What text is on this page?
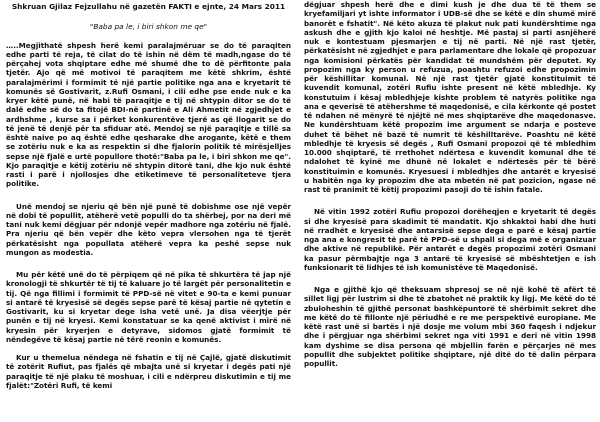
Shkruan Gjilaz Fejzullahu në gazetën FAKTI e ejnte, 24 Mars 2011
"Baba pa le, i biri shkon me qe"

…..Megjithatë shpesh herë kemi paralajmëruar se do të paraqiten edhe parti të reja, të cilat do të ishin në dëm të madh,ngase do të përçahej vota shqiptare edhe më shumë dhe to dë përfitonte pala tjetër. Ajo që më motivoi të paraqitem me këtë shkrim, është paralajmërimi i formimit të një partie politike nga ana e kryetarit të komunës së Gostivarit, z.Rufi Osmani, i cili edhe pse ende nuk e ka kryer këtë punë, në habi të paraqitje e tij në shtypin ditor se do të dalë edhe së do ta fitojë BDI-në partinë e Ali Ahmetit në zgjedhjet e ardhshme , kurse sa i përket konkurentëve tjerë as që llogarit se do të jenë të denjë për ta sfiduar atë. Mendoj se një paraqitje e tillë sa është naive po aq është edhe qesharake dhe arogante, këtë e them se zotëriu nuk e ka as respektin si dhe fjalorin politik të mirësjelljes sepse një fjalë e urtë popullore thotë:"Baba pa le, i biri shkon me qe". Kjo paraqitje e këtij zotëriu në shtypin ditorë tani, dhe kjo nuk është rasti i parë i njollosjes dhe etiketimeve të personaliteteve tjera politike.

Unë mendoj se njeriu që bën një punë të dobishme ose një vepër në dobi të popullit, atëherë vetë populli do ta shërbej, por na deri më tani nuk kemi dëgjuar për ndonjë vepër madhore nga zotëriu në fjalë. Pra njeriu që bën vepër dhe këto vepra vlersohen nga të tjerët përkatësisht nga popullata atëherë vepra ka peshë sepse nuk mungon as modestia.

Mu për këtë unë do të përpiqem që në pika të shkurtëra të jap një kronologji të shkurtër të tij të kaluare jo të largët për personalitetin e tij. Që nga fillimi i formimit të PPD-së në vitet e 90-ta e kemi punuar si antarë të kryesisë së degës sepse parë të kësaj partie në qytetin e Gostivarit, ku si kryetar dege isha vetë unë. Ja disa vëerjtje për punën e tij në kryesi. Kemi konstatuar se ka qenë aktivist i mirë në kryesin për kryerjen e detyrave, sidomos gjatë formimit të nëndegëve të kësaj partie në tërë reonin e komunës.

Kur u themelua nëndega në fshatin e tij në Çajlë, gjatë diskutimit të zotërit Rufiut, pas fjalës që mbajta unë si kryetar i degës pati një paraqitje të një plaku të moshuar, i cili e ndërpreu diskutimin e tij me fjalët:"Zotëri Rufi, të kemi

dëgjuar shpesh herë dhe e dimi kush je dhe dua të të them se kryefamiljari yt ishte informator i UDB-së dhe se këtë e din shumë mirë banorët e fshatit". Në këto akuza të plakut nuk pati kundërshtime nga askush dhe e gjith kjo kaloi në heshtje. Më pastaj si parti asnjëherë nuk e kontestuam pjesmarjen e tij në parti. Në një rast tjetër, përkatësisht në zgjedhjet e para parlamentare dhe lokale që propozuar nga komisioni përkatës për kandidat të mundshëm për deputet. Ky propozim nga ky person u refuzua, poashtu refuzoi edhe propozimin për këshillitar komunal. Në një rast tjetër gjatë konstituimit të kuvendit komunal, zotëri Rufiu ishte present në këtë mbledhje. Ky konstutuim i kësaj mbledhjeje kishte problem të natyrës politike nga ana e qeverisë të atëhershme të maqedonisë, e cila kërkonte që postet të ndahen në mënyrë të njëjtë në mes shqiptarëve dhe maqedonasve. Ne kundërshtuam këtë propozim ime argument se ndarja e posteve duhet të bëhet në bazë të numrit të këshilltarëve. Poashtu në këtë mbledhje të kryesis së degës , Rufi Osmani propozoi që të mbledhim 10.000 shqiptarë, të rrethohet ndërtesa e kuvendit komunal dhe të ndalohet të kyinë me dhunë në lokalet e ndërtesës për të bërë konstituimin e komunës. Kryesuesi i mbledhjes dhe antarët e kryesisë u habitën nga ky propozim dhe ata mbetën në pat pozicion, ngase në rast të pranimit të këtij propozimi pasoji do të ishin fatale.

Në vitin 1992 zotëri Rufiu propozoi dorëheqjen e kryetarit të degës si dhe kryesisë para skadimit të mandatit. Kjo shkaktoi habi dhe huti në rradhët e kryesisë dhe antarsisë sepse dega e parë e kësaj partie nga ana e kongresit të parë të PPD-së u shpall si dega më e organizuar dhe aktive në republikë. Për antarët e degës propozimi zotëri Osmani ka pasur përmbajtje nga 3 antarë të kryesisë së mbështetjen e ish funksionarit të lidhjes të ish komunistëve të Maqedonisë.

Nga e gjithë kjo që theksuam shpresoj se në një kohë të afërt të sillet ligj për lustrim si dhe të zbatohet në praktik ky ligj. Me këtë do të zbuloheshin të gjithë personat bashkëpuntorë të shërbimit sekret dhe me këtë do të fillonte një përiudhë e re me perspektivë europiane. Me këtë rast unë si bartës i një dosje me volum mbi 360 faqesh i ndjekur dhe i përgjuar nga shërbimi sekret nga viti 1991 e deri në vitin 1998 kam dyshime se disa persona që mbjellin farën e përçarjes në mes popullit dhe subjektet politike shqiptare, një ditë do të dalin përpara popullit.
